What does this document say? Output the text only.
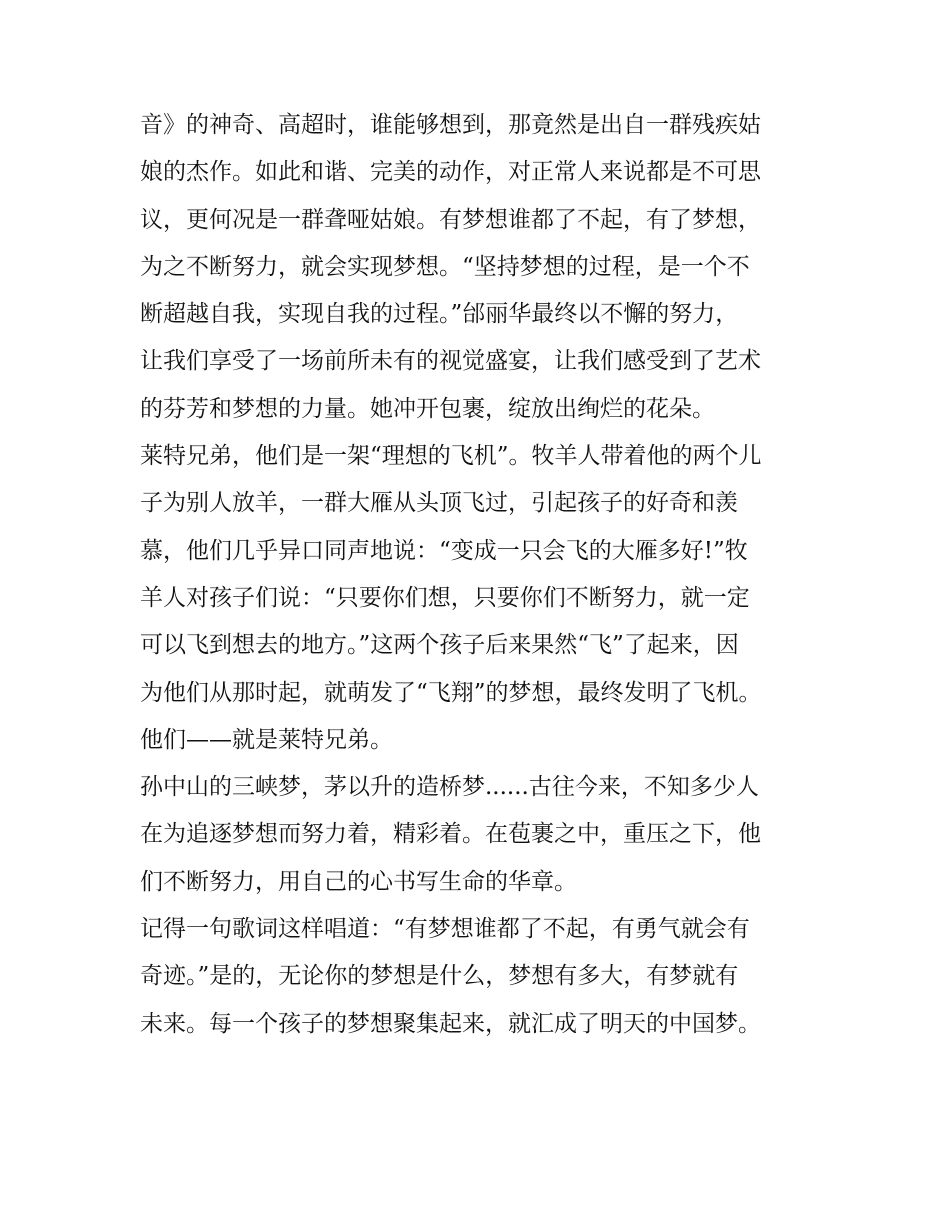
音》的神奇、高超时，谁能够想到，那竟然是出自一群残疾姑
娘的杰作。如此和谐、完美的动作，对正常人来说都是不可思
议，更何况是一群聋哑姑娘。有梦想谁都了不起，有了梦想，
为之不断努力，就会实现梦想。“坚持梦想的过程，是一个不
断超越自我，实现自我的过程。”邰丽华最终以不懈的努力，
让我们享受了一场前所未有的视觉盛宴，让我们感受到了艺术
的芬芳和梦想的力量。她冲开包裹，绽放出绚烂的花朵。
莱特兄弟，他们是一架“理想的飞机”。牧羊人带着他的两个儿
子为别人放羊，一群大雁从头顶飞过，引起孩子的好奇和羡
慕，他们几乎异口同声地说：“变成一只会飞的大雁多好!”牧
羊人对孩子们说：“只要你们想，只要你们不断努力，就一定
可以飞到想去的地方。”这两个孩子后来果然“飞”了起来，因
为他们从那时起，就萌发了“飞翔”的梦想，最终发明了飞机。
他们——就是莱特兄弟。
孙中山的三峡梦，茅以升的造桥梦......古往今来，不知多少人
在为追逐梦想而努力着，精彩着。在苞裹之中，重压之下，他
们不断努力，用自己的心书写生命的华章。
记得一句歌词这样唱道：“有梦想谁都了不起，有勇气就会有
奇迹。”是的，无论你的梦想是什么，梦想有多大，有梦就有
未来。每一个孩子的梦想聚集起来，就汇成了明天的中国梦。
